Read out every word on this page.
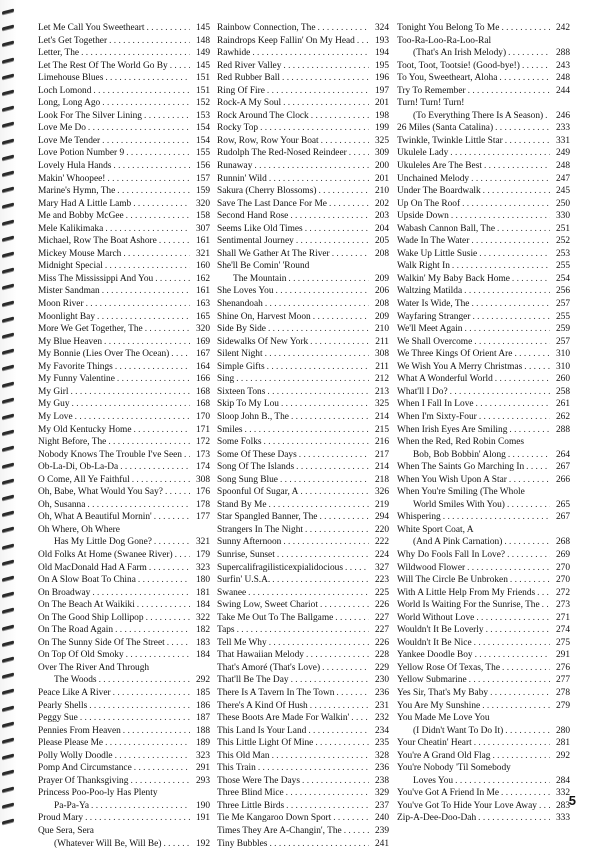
Let Me Call You Sweetheart . . .	145
Let's Get Together . . .	148
Letter, The . . .	149
Let The Rest Of The World Go By . . .	145
Limehouse Blues . . .	151
Loch Lomond . . .	151
Long, Long Ago . . .	152
Look For The Silver Lining . . .	153
Love Me Do . . .	154
Love Me Tender . . .	154
Love Potion Number 9 . . .	155
Lovely Hula Hands . . .	156
Makin' Whoopee! . . .	157
Marine's Hymn, The . . .	159
Mary Had A Little Lamb . . .	320
Me and Bobby McGee . . .	158
Mele Kalikimaka . . .	307
Michael, Row The Boat Ashore . . .	161
Mickey Mouse March . . .	321
Midnight Special . . .	160
Miss The Mississippi And You . . .	162
Mister Sandman . . .	161
Moon River . . .	163
Moonlight Bay . . .	165
More We Get Together, The . . .	320
My Blue Heaven . . .	169
My Bonnie (Lies Over The Ocean) . . .	167
My Favorite Things . . .	164
My Funny Valentine . . .	166
My Girl . . .	168
My Guy . . .	168
My Love . . .	170
My Old Kentucky Home . . .	171
Night Before, The . . .	172
Nobody Knows The Trouble I've Seen . . .	173
Ob-La-Di, Ob-La-Da . . .	174
O Come, All Ye Faithful . . .	308
Oh, Babe, What Would You Say? . . .	176
Oh, Susanna . . .	178
Oh, What A Beautiful Mornin' . . .	177
Oh Where, Oh Where
Has My Little Dog Gone? . . .	321
Old Folks At Home (Swanee River) . . .	179
Old MacDonald Had A Farm . . .	323
On A Slow Boat To China . . .	180
On Broadway . . .	181
On The Beach At Waikiki . . .	184
On The Good Ship Lollipop . . .	322
On The Road Again . . .	182
On The Sunny Side Of The Street . . .	183
On Top Of Old Smoky . . .	184
Over The River And Through
The Woods . . .	292
Peace Like A River . . .	185
Pearly Shells . . .	186
Peggy Sue . . .	187
Pennies From Heaven . . .	188
Please Please Me . . .	189
Polly Wolly Doodle . . .	323
Pomp And Circumstance . . .	291
Prayer Of Thanksgiving . . .	293
Princess Poo-Poo-ly Has Plenty
Pa-Pa-Ya . . .	190
Proud Mary . . .	191
Que Sera, Sera
(Whatever Will Be, Will Be) . . .	192
Rainbow Connection, The . . .	324
Raindrops Keep Fallin' On My Head . . .	193
Rawhide . . .	194
Red River Valley . . .	195
Red Rubber Ball . . .	196
Ring Of Fire . . .	197
Rock-A My Soul . . .	201
Rock Around The Clock . . .	198
Rocky Top . . .	199
Row, Row, Row Your Boat . . .	325
Rudolph The Red-Nosed Reindeer . . .	309
Runaway . . .	200
Runnin' Wild . . .	201
Sakura (Cherry Blossoms) . . .	210
Save The Last Dance For Me . . .	202
Second Hand Rose . . .	203
Seems Like Old Times . . .	204
Sentimental Journey . . .	205
Shall We Gather At The River . . .	208
She'll Be Comin' 'Round
The Mountain . . .	209
She Loves You . . .	206
Shenandoah . . .	208
Shine On, Harvest Moon . . .	209
Side By Side . . .	210
Sidewalks Of New York . . .	211
Silent Night . . .	308
Simple Gifts . . .	211
Sing . . .	212
Sixteen Tons . . .	213
Skip To My Lou . . .	325
Sloop John B., The . . .	214
Smiles . . .	215
Some Folks . . .	216
Some Of These Days . . .	217
Song Of The Islands . . .	214
Song Sung Blue . . .	218
Spoonful Of Sugar, A . . .	326
Stand By Me . . .	219
Star Spangled Banner, The . . .	294
Strangers In The Night . . .	220
Sunny Afternoon . . .	222
Sunrise, Sunset . . .	224
Supercalifragilisticexpialidocious . . .	327
Surfin' U.S.A. . . .	223
Swanee . . .	225
Swing Low, Sweet Chariot . . .	226
Take Me Out To The Ballgame . . .	227
Taps . . .	227
Tell Me Why . . .	226
That Hawaiian Melody . . .	228
That's Amoré (That's Love) . . .	229
That'll Be The Day . . .	230
There Is A Tavern In The Town . . .	236
There's A Kind Of Hush . . .	231
These Boots Are Made For Walkin' . . .	232
This Land Is Your Land . . .	234
This Little Light Of Mine . . .	235
This Old Man . . .	328
This Train . . .	236
Those Were The Days . . .	238
Three Blind Mice . . .	329
Three Little Birds . . .	237
Tie Me Kangaroo Down Sport . . .	240
Times They Are A-Changin', The . . .	239
Tiny Bubbles . . .	241
Tonight You Belong To Me . . .	242
Too-Ra-Loo-Ra-Loo-Ral
(That's An Irish Melody) . . .	288
Toot, Toot, Tootsie! (Good-bye!) . . .	243
To You, Sweetheart, Aloha . . .	248
Try To Remember . . .	244
Turn! Turn! Turn!
(To Everything There Is A Season) . . .	246
26 Miles (Santa Catalina) . . .	233
Twinkle, Twinkle Little Star . . .	331
Ukulele Lady . . .	249
Ukuleles Are The Best . . .	248
Unchained Melody . . .	247
Under The Boardwalk . . .	245
Up On The Roof . . .	250
Upside Down . . .	330
Wabash Cannon Ball, The . . .	251
Wade In The Water . . .	252
Wake Up Little Susie . . .	253
Walk Right In . . .	255
Walkin' My Baby Back Home . . .	254
Waltzing Matilda . . .	256
Water Is Wide, The . . .	257
Wayfaring Stranger . . .	255
We'll Meet Again . . .	259
We Shall Overcome . . .	257
We Three Kings Of Orient Are . . .	310
We Wish You A Merry Christmas . . .	310
What A Wonderful World . . .	260
What'll I Do? . . .	258
When I Fall In Love . . .	261
When I'm Sixty-Four . . .	262
When Irish Eyes Are Smiling . . .	288
When the Red, Red Robin Comes
Bob, Bob Bobbin' Along . . .	264
When The Saints Go Marching In . . .	267
When You Wish Upon A Star . . .	266
When You're Smiling (The Whole
World Smiles With You) . . .	265
Whispering . . .	267
White Sport Coat, A
(And A Pink Carnation) . . .	268
Why Do Fools Fall In Love? . . .	269
Wildwood Flower . . .	270
Will The Circle Be Unbroken . . .	270
With A Little Help From My Friends . . .	272
World Is Waiting For the Sunrise, The . . .	273
World Without Love . . .	271
Wouldn't It Be Loverly . . .	274
Wouldn't It Be Nice . . .	275
Yankee Doodle Boy . . .	291
Yellow Rose Of Texas, The . . .	276
Yellow Submarine . . .	277
Yes Sir, That's My Baby . . .	278
You Are My Sunshine . . .	279
You Made Me Love You
(I Didn't Want To Do It) . . .	280
Your Cheatin' Heart . . .	281
You're A Grand Old Flag . . .	292
You're Nobody 'Til Somebody
Loves You . . .	284
You've Got A Friend In Me . . .	332
You've Got To Hide Your Love Away . . .	283
Zip-A-Dee-Doo-Dah . . .	333
5
